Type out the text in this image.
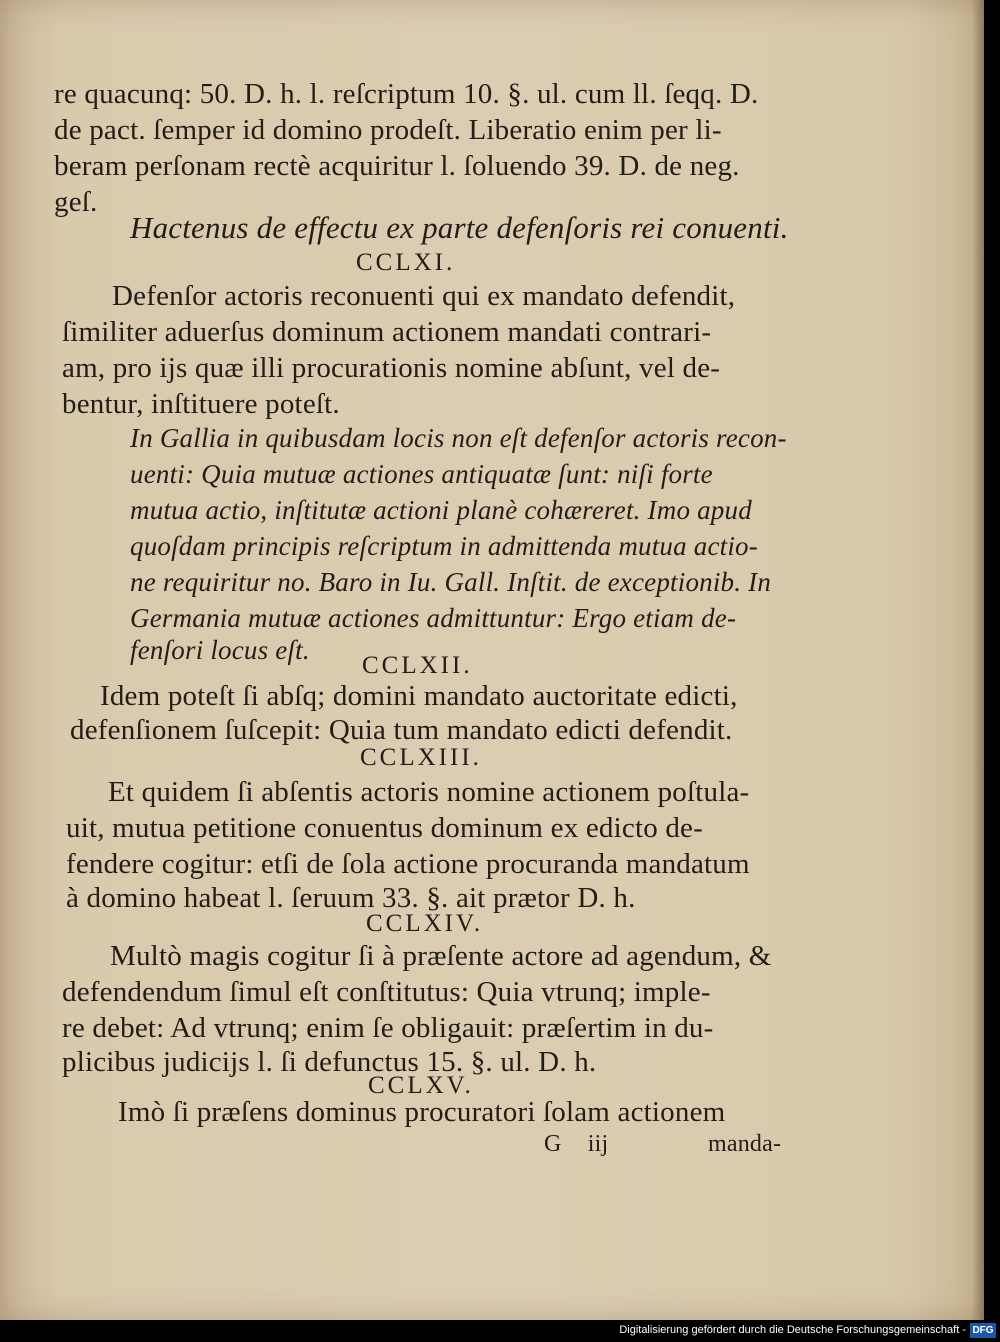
re quacunq: 50. D. h. l. reſcriptum 10. §. ul. cum ll. ſeqq. D.
de pact. ſemper id domino prodeſt. Liberatio enim per li-
beram perſonam rectè acquiritur l. ſoluendo 39. D. de neg.
geſ.
Hactenus de effectu ex parte defenſoris rei conuenti.
CCLXI.
Defenſor actoris reconuenti qui ex mandato defendit,
ſimiliter aduerſus dominum actionem mandati contrari-
am, pro ijs quæ illi procurationis nomine abſunt, vel de-
bentur, inſtituere poteſt.
In Gallia in quibusdam locis non eſt defenſor actoris recon-
uenti: Quia mutuæ actiones antiquatæ ſunt: niſi forte
mutua actio, inſtitutæ actioni planè cohæreret. Imo apud
quoſdam principis reſcriptum in admittenda mutua actio-
ne requiritur no. Baro in Iu. Gall. Inſtit. de exceptionib. In
Germania mutuæ actiones admittuntur: Ergo etiam de-
fenſori locus eſt.
CCLXII.
Idem poteſt ſi abſq; domini mandato auctoritate edicti,
defenſionem ſuſcepit: Quia tum mandato edicti defendit.
CCLXIII.
Et quidem ſi abſentis actoris nomine actionem poſtula-
uit, mutua petitione conuentus dominum ex edicto de-
fendere cogitur: etſi de ſola actione procuranda mandatum
à domino habeat l. ſeruum 33. §. ait prætor D. h.
CCLXIV.
Multò magis cogitur ſi à præſente actore ad agendum, &
defendendum ſimul eſt conſtitutus: Quia vtrunq; imple-
re debet: Ad vtrunq; enim ſe obligauit: præſertim in du-
plicibus judicijs l. ſi defunctus 15. §. ul. D. h.
CCLXV.
Imò ſi præſens dominus procuratori ſolam actionem
G iij	manda-
Digitalisierung gefördert durch die Deutsche Forschungsgemeinschaft - DFG
